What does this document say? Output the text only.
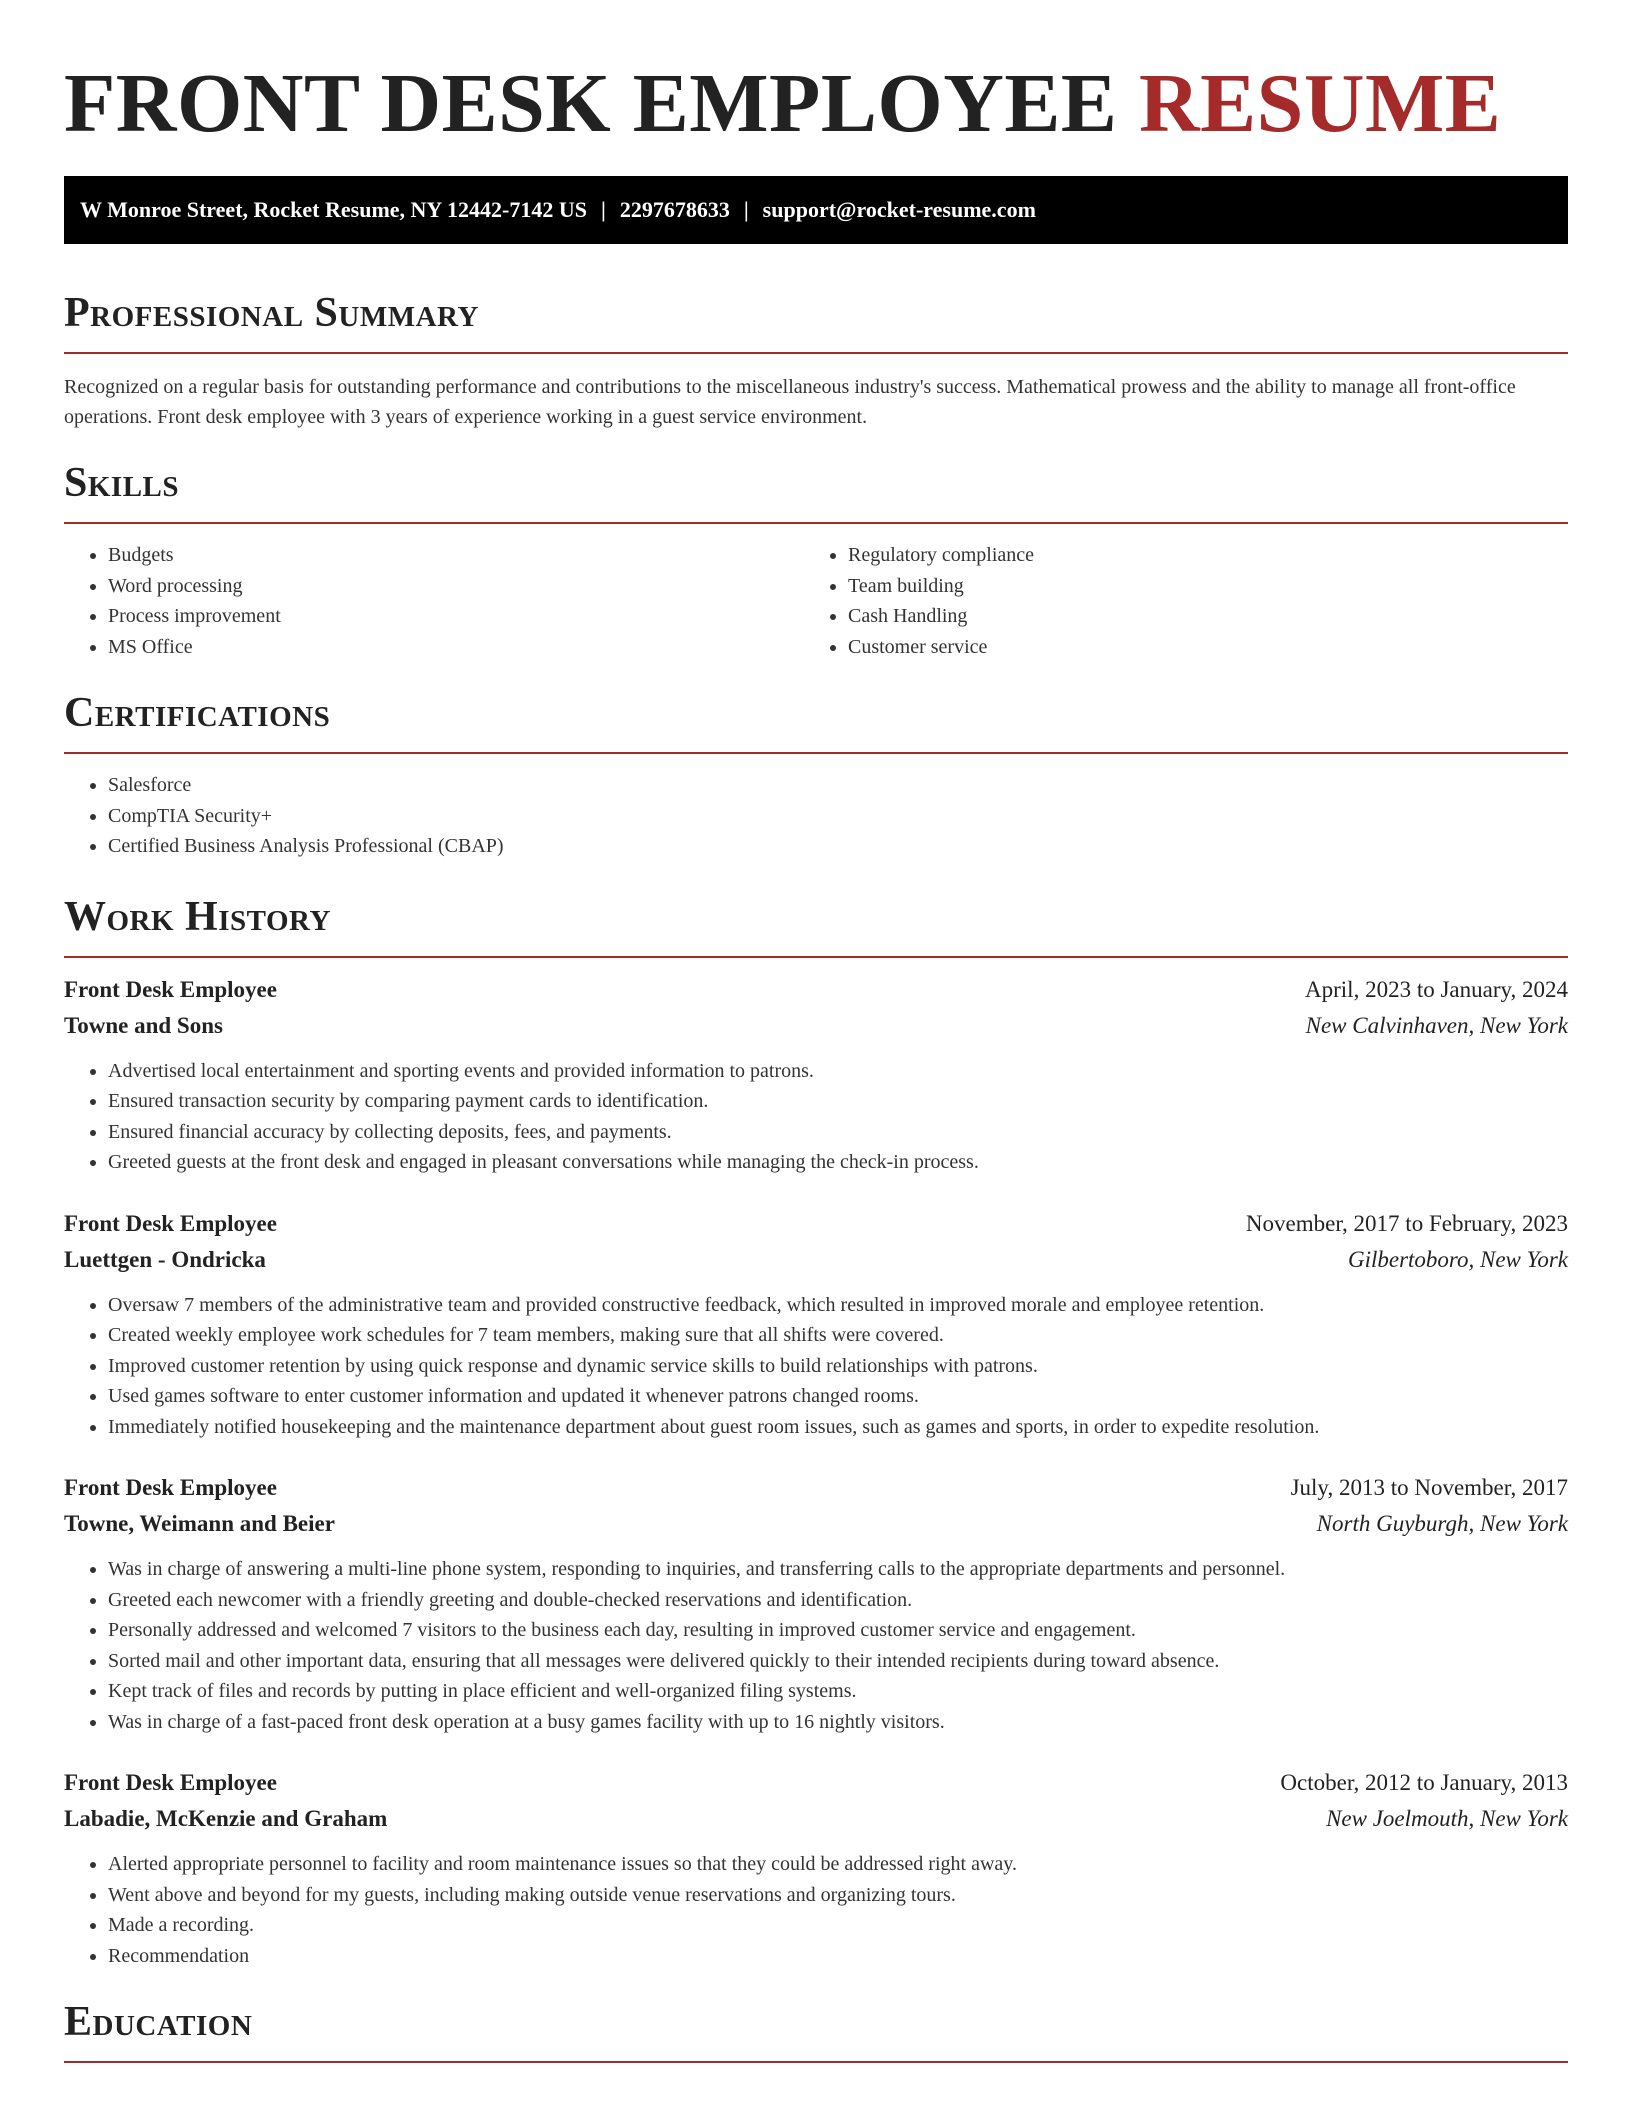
FRONT DESK EMPLOYEE RESUME
W Monroe Street, Rocket Resume, NY 12442-7142 US | 2297678633 | support@rocket-resume.com
Professional Summary

Recognized on a regular basis for outstanding performance and contributions to the miscellaneous industry's success. Mathematical prowess and the ability to manage all front-office operations. Front desk employee with 3 years of experience working in a guest service environment.

Skills
• Budgets
• Word processing
• Process improvement
• MS Office
• Regulatory compliance
• Team building
• Cash Handling
• Customer service
Certifications
• Salesforce
• CompTIA Security+
• Certified Business Analysis Professional (CBAP)
Work History
Front Desk Employee	April, 2023 to January, 2024
Towne and Sons	New Calvinhaven, New York
• Advertised local entertainment and sporting events and provided information to patrons.
• Ensured transaction security by comparing payment cards to identification.
• Ensured financial accuracy by collecting deposits, fees, and payments.
• Greeted guests at the front desk and engaged in pleasant conversations while managing the check-in process.
Front Desk Employee	November, 2017 to February, 2023
Luettgen - Ondricka	Gilbertoboro, New York
• Oversaw 7 members of the administrative team and provided constructive feedback, which resulted in improved morale and employee retention.
• Created weekly employee work schedules for 7 team members, making sure that all shifts were covered.
• Improved customer retention by using quick response and dynamic service skills to build relationships with patrons.
• Used games software to enter customer information and updated it whenever patrons changed rooms.
• Immediately notified housekeeping and the maintenance department about guest room issues, such as games and sports, in order to expedite resolution.
Front Desk Employee	July, 2013 to November, 2017
Towne, Weimann and Beier	North Guyburgh, New York
• Was in charge of answering a multi-line phone system, responding to inquiries, and transferring calls to the appropriate departments and personnel.
• Greeted each newcomer with a friendly greeting and double-checked reservations and identification.
• Personally addressed and welcomed 7 visitors to the business each day, resulting in improved customer service and engagement.
• Sorted mail and other important data, ensuring that all messages were delivered quickly to their intended recipients during toward absence.
• Kept track of files and records by putting in place efficient and well-organized filing systems.
• Was in charge of a fast-paced front desk operation at a busy games facility with up to 16 nightly visitors.
Front Desk Employee	October, 2012 to January, 2013
Labadie, McKenzie and Graham	New Joelmouth, New York
• Alerted appropriate personnel to facility and room maintenance issues so that they could be addressed right away.
• Went above and beyond for my guests, including making outside venue reservations and organizing tours.
• Made a recording.
• Recommendation
Education
